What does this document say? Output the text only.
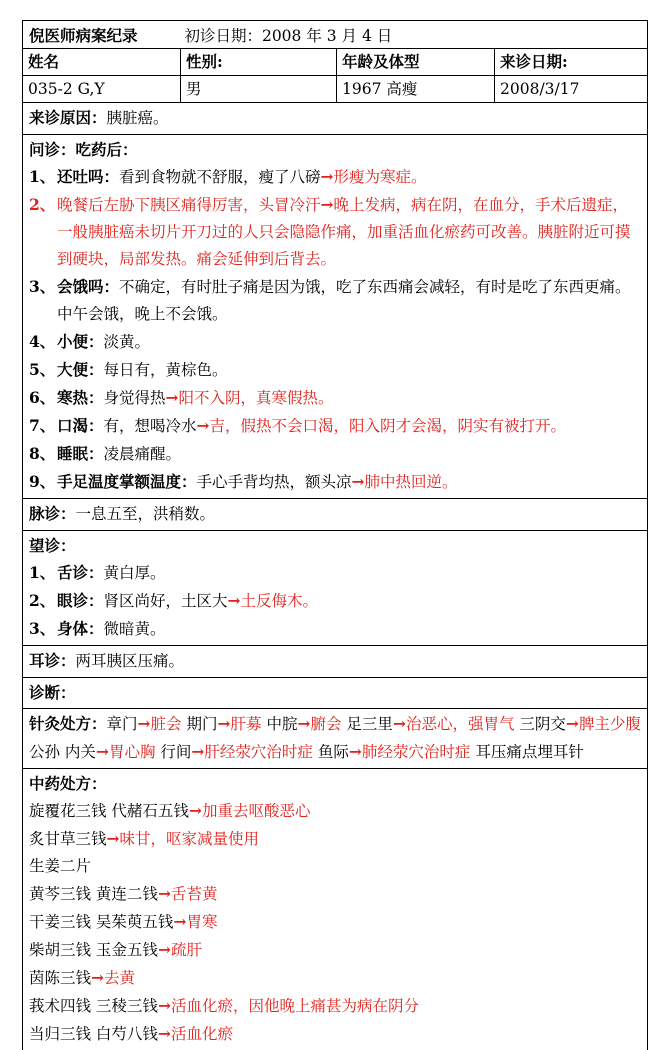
倪医师病案纪录	初诊日期：2008 年 3 月 4 日
姓名	性别:	年龄及体型	来诊日期:
035-2 G,Y	男	1967 高瘦	2008/3/17
来诊原因：胰脏癌。
问诊：吃药后：
1、 还吐吗：看到食物就不舒服，瘦了八磅→形瘦为寒症。
2、 晚餐后左胁下胰区痛得厉害，头冒冷汗→晚上发病，病在阴，在血分，手术后遗症，一般胰脏癌未切片开刀过的人只会隐隐作痛，加重活血化瘀药可改善。胰脏附近可摸到硬块，局部发热。痛会延伸到后背去。
3、 会饿吗：不确定，有时肚子痛是因为饿，吃了东西痛会减轻，有时是吃了东西更痛。中午会饿，晚上不会饿。
4、 小便：淡黄。
5、 大便：每日有，黄棕色。
6、 寒热：身觉得热→阳不入阴，真寒假热。
7、 口渴：有，想喝冷水→吉，假热不会口渴，阳入阴才会渴，阴实有被打开。
8、 睡眠：凌晨痛醒。
9、 手足温度掌额温度：手心手背均热，额头凉→肺中热回逆。
脉诊：一息五至，洪稍数。
望诊：
1、 舌诊：黄白厚。
2、 眼诊：肾区尚好，土区大→土反侮木。
3、 身体：微暗黄。
耳诊：两耳胰区压痛。
诊断：
针灸处方：章门→脏会 期门→肝募 中脘→腑会 足三里→治恶心，强胃气 三阴交→脾主少腹 公孙 内关→胃心胸 行间→肝经荥穴治时症 鱼际→肺经荥穴治时症 耳压痛点埋耳针
中药处方：
旋覆花三钱 代赭石五钱→加重去呕酸恶心
炙甘草三钱→味甘，呕家减量使用
生姜二片
黄芩三钱 黄连二钱→舌苔黄
干姜三钱 吴茱萸五钱→胃寒
柴胡三钱 玉金五钱→疏肝
茵陈三钱→去黄
莪术四钱 三稜三钱→活血化瘀，因他晚上痛甚为病在阴分
当归三钱 白芍八钱→活血化瘀
